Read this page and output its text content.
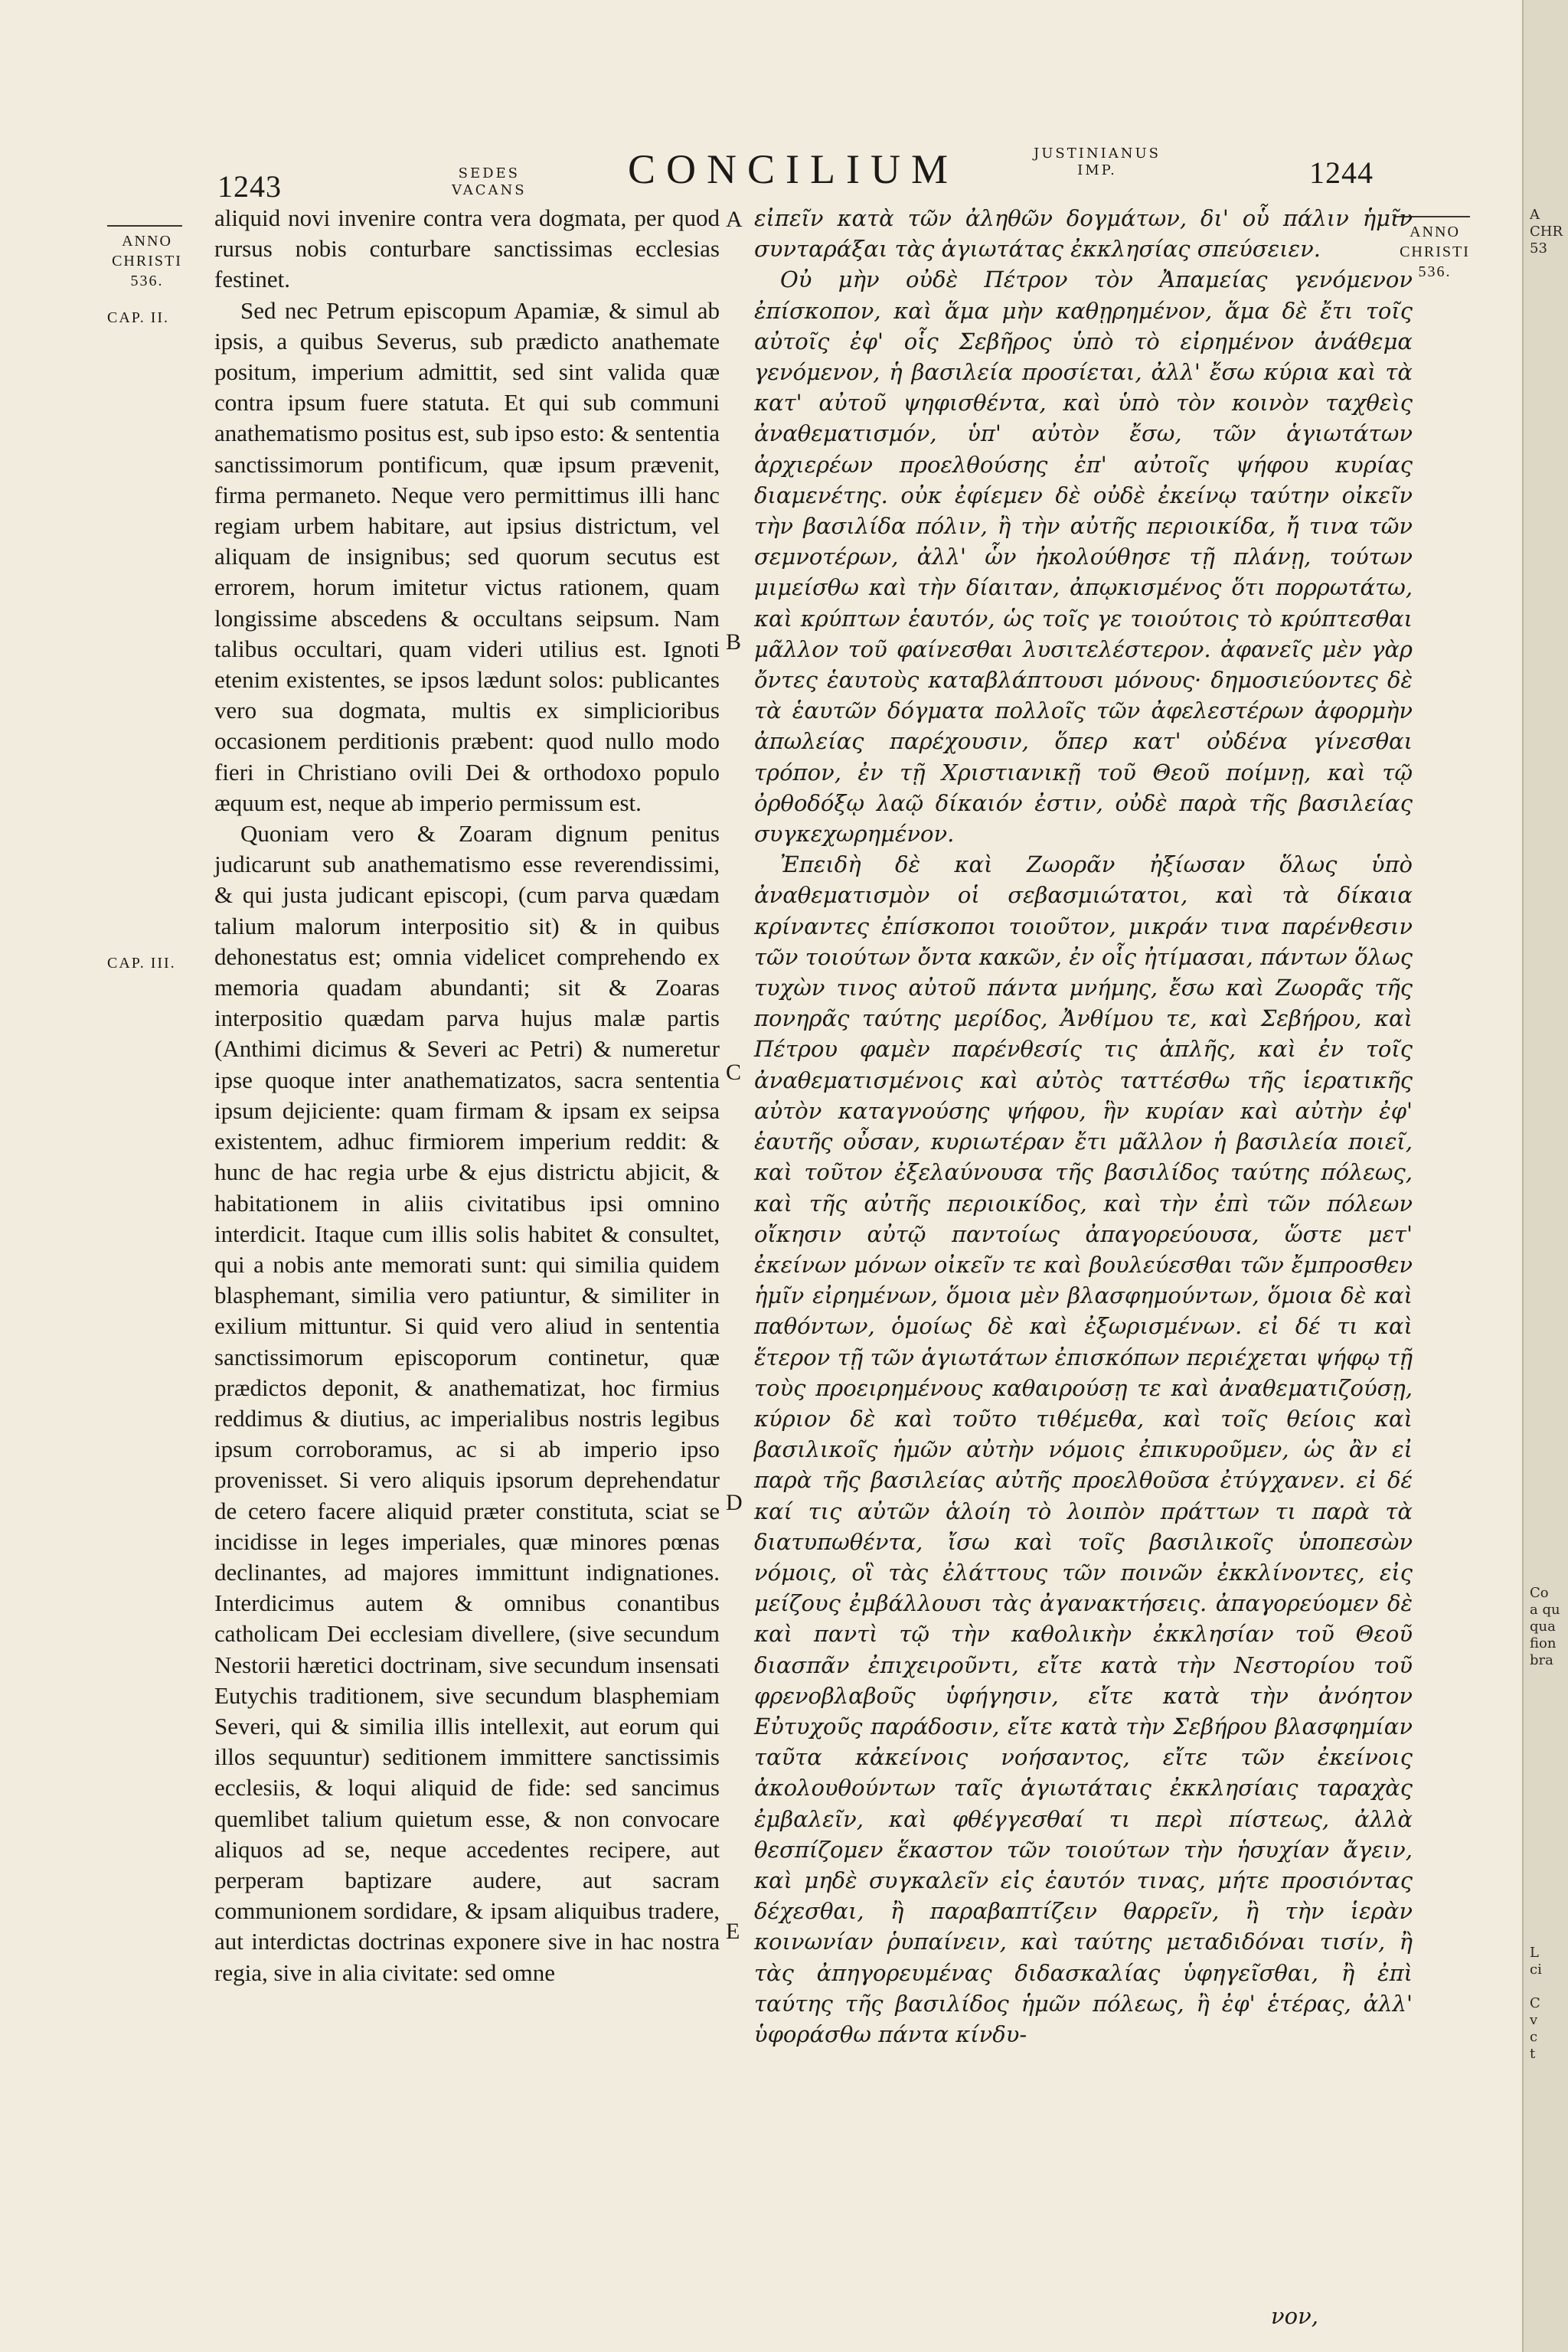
1243	SEDES
VACANS CONCILIUM	JUSTINIANUS
IMP.	1244
ANNO
CHRISTI
536.
CAP. II.
CAP. III.
ANNO
CHRISTI
536.

aliquid novi invenire contra vera dogmata, per quod rursus nobis conturbare sanctissimas ecclesias festinet.

Sed nec Petrum episcopum Apamiæ, & simul ab ipsis, a quibus Severus, sub prædicto anathemate positum, imperium admittit, sed sint valida quæ contra ipsum fuere statuta. Et qui sub communi anathematismo positus est, sub ipso esto: & sententia sanctissimorum pontificum, quæ ipsum prævenit, firma permaneto. Neque vero permittimus illi hanc regiam urbem habitare, aut ipsius districtum, vel aliquam de insignibus; sed quorum secutus est errorem, horum imitetur victus rationem, quam longissime abscedens & occultans seipsum. Nam talibus occultari, quam videri utilius est. Ignoti etenim existentes, se ipsos lædunt solos: publicantes vero sua dogmata, multis ex simplicioribus occasionem perditionis præbent: quod nullo modo fieri in Christiano ovili Dei & orthodoxo populo æquum est, neque ab imperio permissum est.

Quoniam vero & Zoaram dignum penitus judicarunt sub anathematismo esse reverendissimi, & qui justa judicant episcopi, (cum parva quædam talium malorum interpositio sit) & in quibus dehonestatus est; omnia videlicet comprehendo ex memoria quadam abundanti; sit & Zoaras interpositio quædam parva hujus malæ partis (Anthimi dicimus & Severi ac Petri) & numeretur ipse quoque inter anathematizatos, sacra sententia ipsum dejiciente: quam firmam & ipsam ex seipsa existentem, adhuc firmiorem imperium reddit: & hunc de hac regia urbe & ejus districtu abjicit, & habitationem in aliis civitatibus ipsi omnino interdicit. Itaque cum illis solis habitet & consultet, qui a nobis ante memorati sunt: qui similia quidem blasphemant, similia vero patiuntur, & similiter in exilium mittuntur. Si quid vero aliud in sententia sanctissimorum episcoporum continetur, quæ prædictos deponit, & anathematizat, hoc firmius reddimus & diutius, ac imperialibus nostris legibus ipsum corroboramus, ac si ab imperio ipso provenisset. Si vero aliquis ipsorum deprehendatur de cetero facere aliquid præter constituta, sciat se incidisse in leges imperiales, quæ minores pœnas declinantes, ad majores immittunt indignationes. Interdicimus autem & omnibus conantibus catholicam Dei ecclesiam divellere, (sive secundum Nestorii hæretici doctrinam, sive secundum insensati Eutychis traditionem, sive secundum blasphemiam Severi, qui & similia illis intellexit, aut eorum qui illos sequuntur) seditionem immittere sanctissimis ecclesiis, & loqui aliquid de fide: sed sancimus quemlibet talium quietum esse, & non convocare aliquos ad se, neque accedentes recipere, aut perperam baptizare audere, aut sacram communionem sordidare, & ipsam aliquibus tradere, aut interdictas doctrinas exponere sive in hac nostra regia, sive in alia civitate: sed omne

A
B
C
D
E

εἰπεῖν κατὰ τῶν ἀληθῶν δογμάτων, δι' οὗ πάλιν ἡμῖν συνταράξαι τὰς ἁγιωτάτας ἐκκλησίας σπεύσειεν.

Οὐ μὴν οὐδὲ Πέτρον τὸν Ἀπαμείας γενόμενον ἐπίσκοπον, καὶ ἅμα μὴν καθῃρημένον, ἅμα δὲ ἔτι τοῖς αὐτοῖς ἐφ' οἷς Σεβῆρος ὑπὸ τὸ εἰρημένον ἀνάθεμα γενόμενον, ἡ βασιλεία προσίεται, ἀλλ' ἔσω κύρια καὶ τὰ κατ' αὐτοῦ ψηφισθέντα, καὶ ὑπὸ τὸν κοινὸν ταχθεὶς ἀναθεματισμόν, ὑπ' αὐτὸν ἔσω, τῶν ἁγιωτάτων ἀρχιερέων προελθούσης ἐπ' αὐτοῖς ψήφου κυρίας διαμενέτης. οὐκ ἐφίεμεν δὲ οὐδὲ ἐκείνῳ ταύτην οἰκεῖν τὴν βασιλίδα πόλιν, ἢ τὴν αὐτῆς περιοικίδα, ἤ τινα τῶν σεμνοτέρων, ἀλλ' ὧν ἠκολούθησε τῇ πλάνῃ, τούτων μιμείσθω καὶ τὴν δίαιταν, ἀπῳκισμένος ὅτι πορρωτάτω, καὶ κρύπτων ἑαυτόν, ὡς τοῖς γε τοιούτοις τὸ κρύπτεσθαι μᾶλλον τοῦ φαίνεσθαι λυσιτελέστερον. ἀφανεῖς μὲν γὰρ ὄντες ἑαυτοὺς καταβλάπτουσι μόνους· δημοσιεύοντες δὲ τὰ ἑαυτῶν δόγματα πολλοῖς τῶν ἀφελεστέρων ἀφορμὴν ἀπωλείας παρέχουσιν, ὅπερ κατ' οὐδένα γίνεσθαι τρόπον, ἐν τῇ Χριστιανικῇ τοῦ Θεοῦ ποίμνῃ, καὶ τῷ ὀρθοδόξῳ λαῷ δίκαιόν ἐστιν, οὐδὲ παρὰ τῆς βασιλείας συγκεχωρημένον.

Ἐπειδὴ δὲ καὶ Ζωορᾶν ἠξίωσαν ὅλως ὑπὸ ἀναθεματισμὸν οἱ σεβασμιώτατοι, καὶ τὰ δίκαια κρίναντες ἐπίσκοποι τοιοῦτον, μικράν τινα παρένθεσιν τῶν τοιούτων ὄντα κακῶν, ἐν οἷς ἠτίμασαι, πάντων ὅλως τυχὼν τινος αὐτοῦ πάντα μνήμης, ἔσω καὶ Ζωορᾶς τῆς πονηρᾶς ταύτης μερίδος, Ἀνθίμου τε, καὶ Σεβήρου, καὶ Πέτρου φαμὲν παρένθεσίς τις ἁπλῆς, καὶ ἐν τοῖς ἀναθεματισμένοις καὶ αὐτὸς ταττέσθω τῆς ἱερατικῆς αὐτὸν καταγνούσης ψήφου, ἣν κυρίαν καὶ αὐτὴν ἐφ' ἑαυτῆς οὖσαν, κυριωτέραν ἔτι μᾶλλον ἡ βασιλεία ποιεῖ, καὶ τοῦτον ἐξελαύνουσα τῆς βασιλίδος ταύτης πόλεως, καὶ τῆς αὐτῆς περιοικίδος, καὶ τὴν ἐπὶ τῶν πόλεων οἴκησιν αὐτῷ παντοίως ἀπαγορεύουσα, ὥστε μετ' ἐκείνων μόνων οἰκεῖν τε καὶ βουλεύεσθαι τῶν ἔμπροσθεν ἡμῖν εἰρημένων, ὅμοια μὲν βλασφημούντων, ὅμοια δὲ καὶ παθόντων, ὁμοίως δὲ καὶ ἐξωρισμένων. εἰ δέ τι καὶ ἕτερον τῇ τῶν ἁγιωτάτων ἐπισκόπων περιέχεται ψήφῳ τῇ τοὺς προειρημένους καθαιρούσῃ τε καὶ ἀναθεματιζούσῃ, κύριον δὲ καὶ τοῦτο τιθέμεθα, καὶ τοῖς θείοις καὶ βασιλικοῖς ἡμῶν αὐτὴν νόμοις ἐπικυροῦμεν, ὡς ἂν εἰ παρὰ τῆς βασιλείας αὐτῆς προελθοῦσα ἐτύγχανεν. εἰ δέ καί τις αὐτῶν ἁλοίη τὸ λοιπὸν πράττων τι παρὰ τὰ διατυπωθέντα, ἴσω καὶ τοῖς βασιλικοῖς ὑποπεσὼν νόμοις, οἳ τὰς ἐλάττους τῶν ποινῶν ἐκκλίνοντες, εἰς μείζους ἐμβάλλουσι τὰς ἀγανακτήσεις. ἀπαγορεύομεν δὲ καὶ παντὶ τῷ τὴν καθολικὴν ἐκκλησίαν τοῦ Θεοῦ διασπᾶν ἐπιχειροῦντι, εἴτε κατὰ τὴν Νεστορίου τοῦ φρενοβλαβοῦς ὑφήγησιν, εἴτε κατὰ τὴν ἀνόητον Εὐτυχοῦς παράδοσιν, εἴτε κατὰ τὴν Σεβήρου βλασφημίαν ταῦτα κἀκείνοις νοήσαντος, εἴτε τῶν ἐκείνοις ἀκολουθούντων ταῖς ἁγιωτάταις ἐκκλησίαις ταραχὰς ἐμβαλεῖν, καὶ φθέγγεσθαί τι περὶ πίστεως, ἀλλὰ θεσπίζομεν ἕκαστον τῶν τοιούτων τὴν ἡσυχίαν ἄγειν, καὶ μηδὲ συγκαλεῖν εἰς ἑαυτόν τινας, μήτε προσιόντας δέχεσθαι, ἢ παραβαπτίζειν θαρρεῖν, ἢ τὴν ἱερὰν κοινωνίαν ῥυπαίνειν, καὶ ταύτης μεταδιδόναι τισίν, ἢ τὰς ἀπηγορευμένας διδασκαλίας ὑφηγεῖσθαι, ἢ ἐπὶ ταύτης τῆς βασιλίδος ἡμῶν πόλεως, ἢ ἐφ' ἑτέρας, ἀλλ' ὑφοράσθω πάντα κίνδυ-

νον,
A
CHR
53
Co
a qu
qua
fion
bra
L
ci

C
v
c
t
